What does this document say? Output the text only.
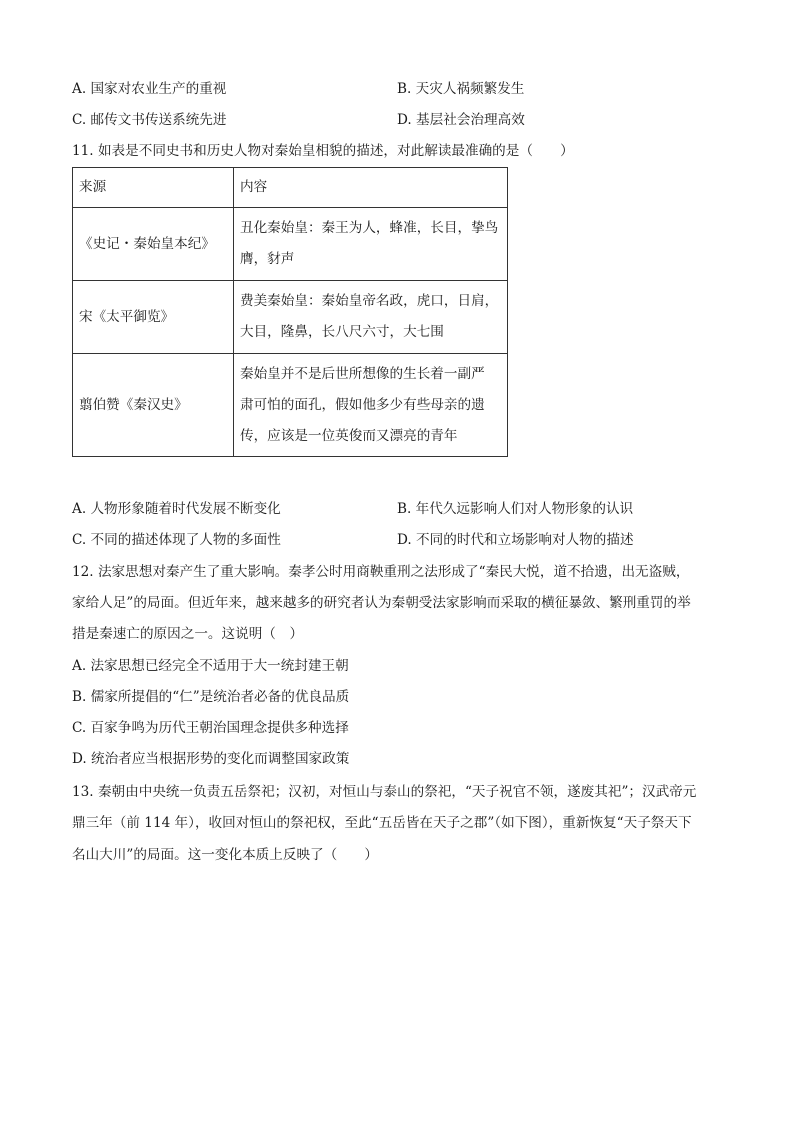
A. 国家对农业生产的重视	B. 天灾人祸频繁发生
C. 邮传文书传送系统先进	D. 基层社会治理高效
11. 如表是不同史书和历史人物对秦始皇相貌的描述，对此解读最准确的是（　　）
来源	内容
《史记・秦始皇本纪》	丑化秦始皇：秦王为人，蜂准，长目，挚鸟
膺，豺声

宋《太平御览》	费美秦始皇：秦始皇帝名政，虎口，日肩，
大目，隆鼻，长八尺六寸，大七围

翦伯赞《秦汉史》	秦始皇并不是后世所想像的生长着一副严
肃可怕的面孔，假如他多少有些母亲的遗
传，应该是一位英俊而又漂亮的青年
A. 人物形象随着时代发展不断变化	B. 年代久远影响人们对人物形象的认识
C. 不同的描述体现了人物的多面性	D. 不同的时代和立场影响对人物的描述
12. 法家思想对秦产生了重大影响。秦孝公时用商鞅重刑之法形成了“秦民大悦，道不拾遗，出无盗贼，
家给人足”的局面。但近年来，越来越多的研究者认为秦朝受法家影响而采取的横征暴敛、繁刑重罚的举
措是秦速亡的原因之一。这说明（　）
A. 法家思想已经完全不适用于大一统封建王朝
B. 儒家所提倡的“仁”是统治者必备的优良品质
C. 百家争鸣为历代王朝治国理念提供多种选择
D. 统治者应当根据形势的变化而调整国家政策
13. 秦朝由中央统一负责五岳祭祀；汉初，对恒山与泰山的祭祀，“天子祝官不领，遂废其祀”；汉武帝元
鼎三年（前 114 年），收回对恒山的祭祀权，至此“五岳皆在天子之郡”（如下图），重新恢复“天子祭天下
名山大川”的局面。这一变化本质上反映了（　　）
